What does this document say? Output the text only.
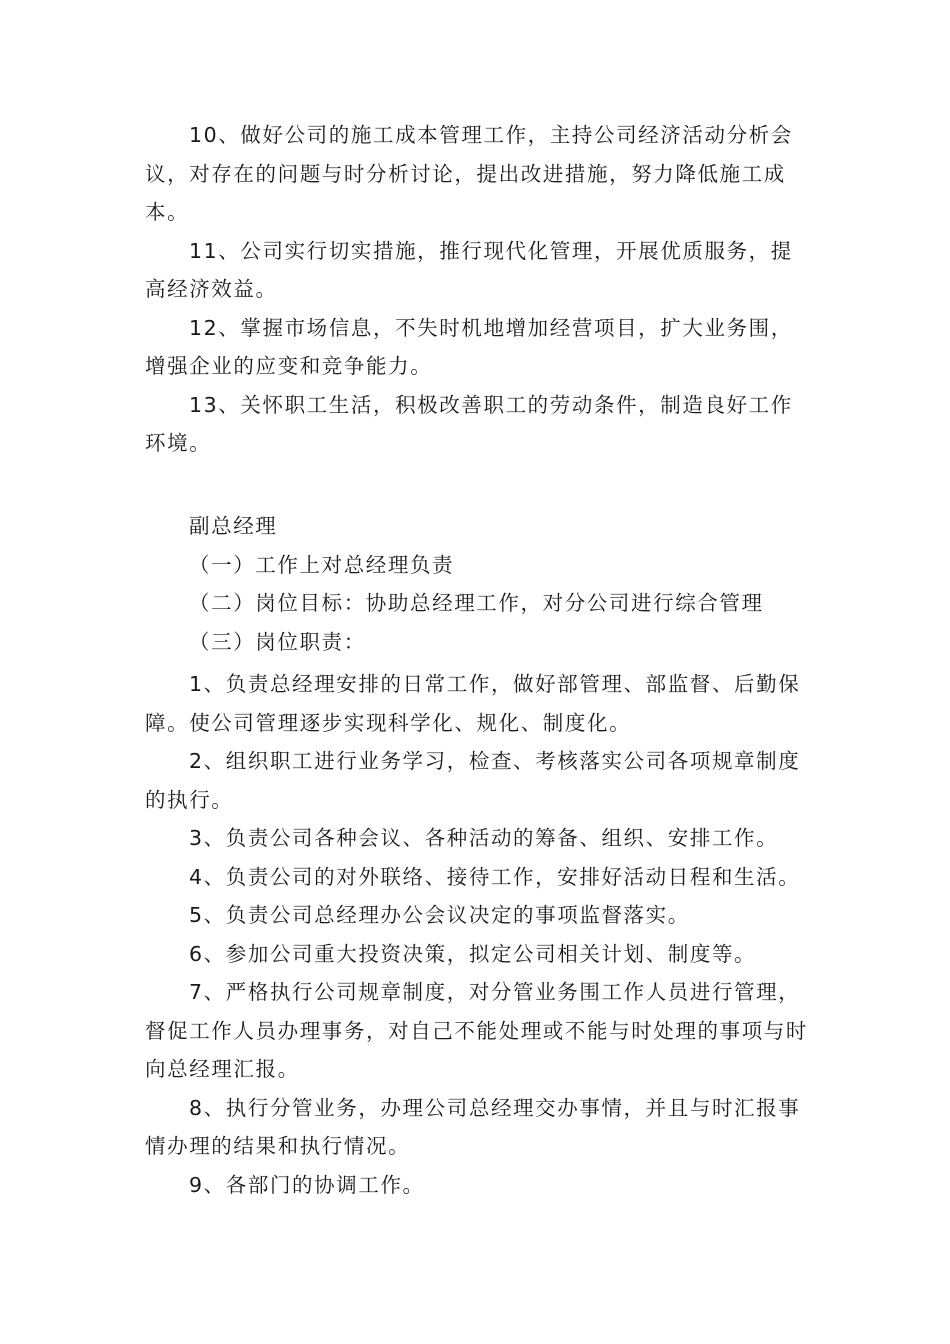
10、做好公司的施工成本管理工作，主持公司经济活动分析会议，对存在的问题与时分析讨论，提出改进措施，努力降低施工成本。

11、公司实行切实措施，推行现代化管理，开展优质服务，提高经济效益。

12、掌握市场信息，不失时机地增加经营项目，扩大业务围，增强企业的应变和竞争能力。

13、关怀职工生活，积极改善职工的劳动条件，制造良好工作环境。

副总经理

（一）工作上对总经理负责

（二）岗位目标：协助总经理工作，对分公司进行综合管理

（三）岗位职责：

1、负责总经理安排的日常工作，做好部管理、部监督、后勤保障。使公司管理逐步实现科学化、规化、制度化。

2、组织职工进行业务学习，检查、考核落实公司各项规章制度的执行。

3、负责公司各种会议、各种活动的筹备、组织、安排工作。

4、负责公司的对外联络、接待工作，安排好活动日程和生活。

5、负责公司总经理办公会议决定的事项监督落实。

6、参加公司重大投资决策，拟定公司相关计划、制度等。

7、严格执行公司规章制度，对分管业务围工作人员进行管理，督促工作人员办理事务，对自己不能处理或不能与时处理的事项与时向总经理汇报。

8、执行分管业务，办理公司总经理交办事情，并且与时汇报事情办理的结果和执行情况。

9、各部门的协调工作。
